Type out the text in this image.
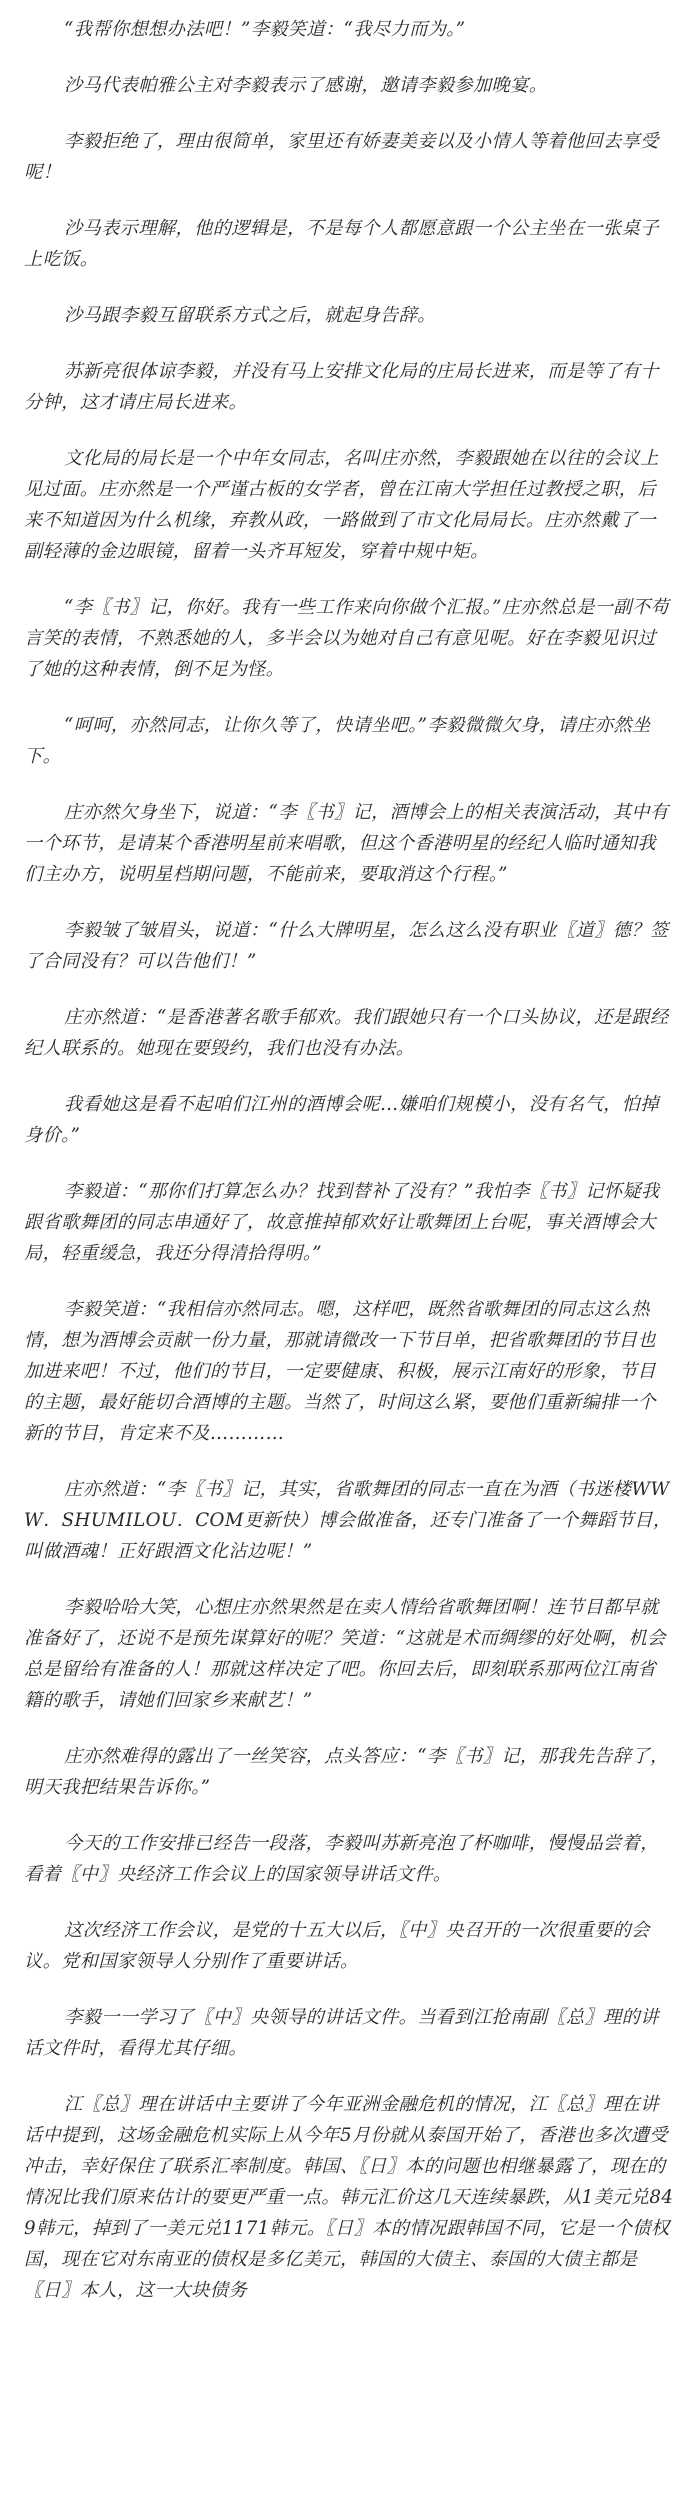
“我帮你想想办法吧！”李毅笑道：“我尽力而为。”

沙马代表帕雅公主对李毅表示了感谢，邀请李毅参加晚宴。

李毅拒绝了，理由很简单，家里还有娇妻美妾以及小情人等着他回去享受呢！

沙马表示理解，他的逻辑是，不是每个人都愿意跟一个公主坐在一张桌子上吃饭。

沙马跟李毅互留联系方式之后，就起身告辞。

苏新亮很体谅李毅，并没有马上安排文化局的庄局长进来，而是等了有十分钟，这才请庄局长进来。

文化局的局长是一个中年女同志，名叫庄亦然，李毅跟她在以往的会议上见过面。庄亦然是一个严谨古板的女学者，曾在江南大学担任过教授之职，后来不知道因为什么机缘，弃教从政，一路做到了市文化局局长。庄亦然戴了一副轻薄的金边眼镜，留着一头齐耳短发，穿着中规中矩。

“李〖书〗记，你好。我有一些工作来向你做个汇报。”庄亦然总是一副不苟言笑的表情，不熟悉她的人，多半会以为她对自己有意见呢。好在李毅见识过了她的这种表情，倒不足为怪。

“呵呵，亦然同志，让你久等了，快请坐吧。”李毅微微欠身，请庄亦然坐下。

庄亦然欠身坐下，说道：“李〖书〗记，酒博会上的相关表演活动，其中有一个环节，是请某个香港明星前来唱歌，但这个香港明星的经纪人临时通知我们主办方，说明星档期问题，不能前来，要取消这个行程。”

李毅皱了皱眉头，说道：“什么大牌明星，怎么这么没有职业〖道〗德？签了合同没有？可以告他们！”

庄亦然道：“是香港著名歌手郁欢。我们跟她只有一个口头协议，还是跟经纪人联系的。她现在要毁约，我们也没有办法。

我看她这是看不起咱们江州的酒博会呢…嫌咱们规模小，没有名气，怕掉身价。”

李毅道：“那你们打算怎么办？找到替补了没有？”我怕李〖书〗记怀疑我跟省歌舞团的同志串通好了，故意推掉郁欢好让歌舞团上台呢，事关酒博会大局，轻重缓急，我还分得清拾得明。”

李毅笑道：“我相信亦然同志。嗯，这样吧，既然省歌舞团的同志这么热情，想为酒博会贡献一份力量，那就请微改一下节目单，把省歌舞团的节目也加进来吧！不过，他们的节目，一定要健康、积极，展示江南好的形象，节目的主题，最好能切合酒博的主题。当然了，时间这么紧，要他们重新编排一个新的节目，肯定来不及…………

庄亦然道：“李〖书〗记，其实，省歌舞团的同志一直在为酒（书迷楼WWW．SHUMILOU．COM更新快）博会做准备，还专门准备了一个舞蹈节目，叫做酒魂！正好跟酒文化沾边呢！”

李毅哈哈大笑，心想庄亦然果然是在卖人情给省歌舞团啊！连节目都早就准备好了，还说不是预先谋算好的呢？笑道：“这就是术而绸缪的好处啊，机会总是留给有准备的人！那就这样决定了吧。你回去后，即刻联系那两位江南省籍的歌手，请她们回家乡来献艺！”

庄亦然难得的露出了一丝笑容，点头答应：“李〖书〗记，那我先告辞了，明天我把结果告诉你。”

今天的工作安排已经告一段落，李毅叫苏新亮泡了杯咖啡，慢慢品尝着，看着〖中〗央经济工作会议上的国家领导讲话文件。

这次经济工作会议，是党的十五大以后，〖中〗央召开的一次很重要的会议。党和国家领导人分别作了重要讲话。

李毅一一学习了〖中〗央领导的讲话文件。当看到江抢南副〖总〗理的讲话文件时，看得尤其仔细。

江〖总〗理在讲话中主要讲了今年亚洲金融危机的情况，江〖总〗理在讲话中提到，这场金融危机实际上从今年5月份就从泰国开始了，香港也多次遭受冲击，幸好保住了联系汇率制度。韩国、〖日〗本的问题也相继暴露了，现在的情况比我们原来估计的要更严重一点。韩元汇价这几天连续暴跌，从1美元兑849韩元，掉到了一美元兑1171韩元。〖日〗本的情况跟韩国不同，它是一个债权国，现在它对东南亚的债权是多亿美元，韩国的大债主、泰国的大债主都是〖日〗本人，这一大块债务
